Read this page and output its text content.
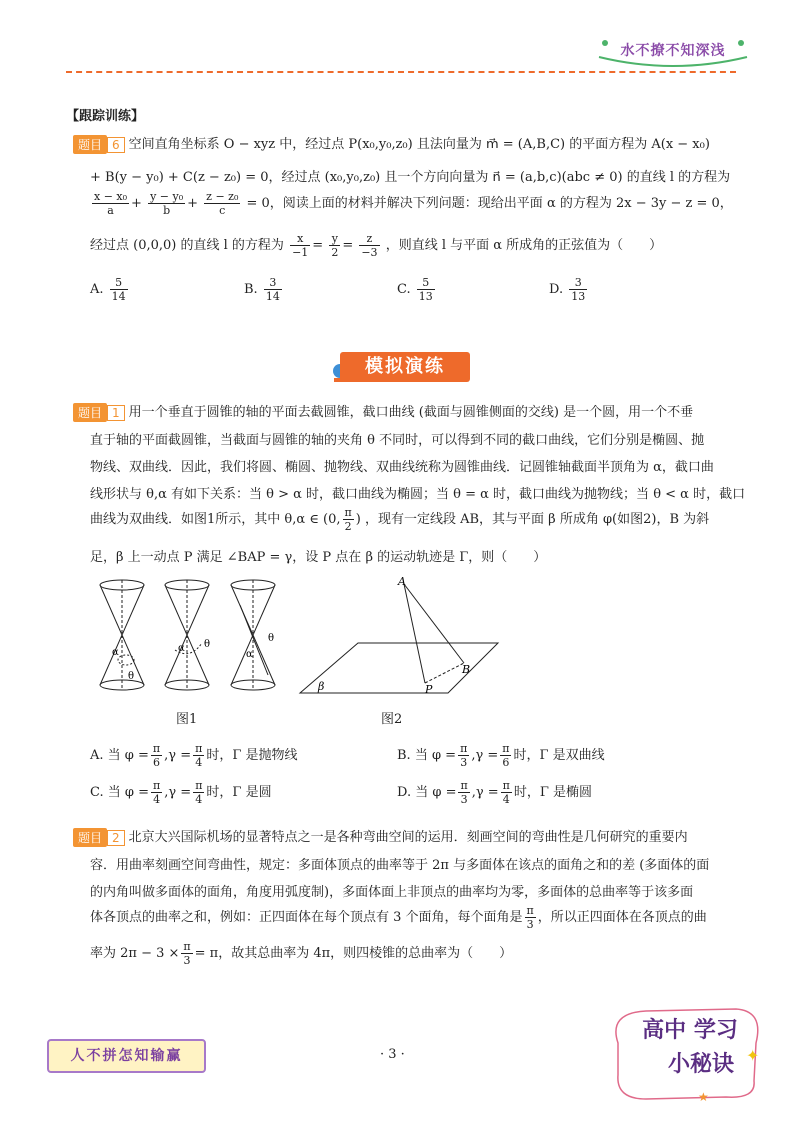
水不撩不知深浅
【跟踪训练】
题目 6 空间直角坐标系 O − xyz 中，经过点 P(x₀,y₀,z₀) 且法向量为 m⃗ = (A,B,C) 的平面方程为 A(x − x₀)
+ B(y − y₀) + C(z − z₀) = 0，经过点 (x₀,y₀,z₀) 且一个方向向量为 n⃗ = (a,b,c)(abc ≠ 0) 的直线 l 的方程为
$\frac{\text{x − x₀}}{a} + \frac{\text{y − y₀}}{b} + \frac{\text{z − z₀}}{c} = 0$，阅读上面的材料并解决下列问题：现给出平面 α 的方程为 2x − 3y − z = 0，
经过点 (0,0,0) 的直线 l 的方程为 $\frac{x}{-1} = \frac{y}{2} = \frac{z}{-3}$ ，则直线 l 与平面 α 所成角的正弦值为（　　）
A. $\frac{5}{14}$	B. $\frac{3}{14}$	C. $\frac{5}{13}$	D. $\frac{3}{13}$
模拟演练
题目 1 用一个垂直于圆锥的轴的平面去截圆锥，截口曲线 (截面与圆锥侧面的交线) 是一个圆，用一个不垂
直于轴的平面截圆锥，当截面与圆锥的轴的夹角 θ 不同时，可以得到不同的截口曲线，它们分别是椭圆、抛
物线、双曲线．因此，我们将圆、椭圆、抛物线、双曲线统称为圆锥曲线．记圆锥轴截面半顶角为 α，截口曲
线形状与 θ,α 有如下关系：当 θ > α 时，截口曲线为椭圆；当 θ = α 时，截口曲线为抛物线；当 θ < α 时，截口
曲线为双曲线．如图1所示，其中 θ,α ∈ (0, $\frac{\pi}{2}$ ) ，现有一定线段 AB，其与平面 β 所成角 φ(如图2)，B 为斜
足，β 上一动点 P 满足 ∠BAP = γ，设 P 点在 β 的运动轨迹是 Γ，则（　　）
α
θ
α θ
α
θ
图1
A
B
P
β
图2
A. 当 $\varphi = \frac{\pi}{6} ,\gamma = \frac{\pi}{4}$ 时，Γ 是抛物线	B. 当 $\varphi = \frac{\pi}{3} ,\gamma = \frac{\pi}{6}$ 时，Γ 是双曲线
C. 当 $\varphi = \frac{\pi}{4} ,\gamma = \frac{\pi}{4}$ 时，Γ 是圆	D. 当 $\varphi = \frac{\pi}{3} ,\gamma = \frac{\pi}{4}$ 时，Γ 是椭圆
题目 2 北京大兴国际机场的显著特点之一是各种弯曲空间的运用．刻画空间的弯曲性是几何研究的重要内
容．用曲率刻画空间弯曲性，规定：多面体顶点的曲率等于 2π 与多面体在该点的面角之和的差 (多面体的面
的内角叫做多面体的面角，角度用弧度制)，多面体面上非顶点的曲率均为零，多面体的总曲率等于该多面
体各顶点的曲率之和，例如：正四面体在每个顶点有 3 个面角，每个面角是 $\frac{\pi}{3}$ ，所以正四面体在各顶点的曲
率为 $2\pi - 3 \times \frac{\pi}{3} = \pi$，故其总曲率为 4π，则四棱锥的总曲率为（　　）
人不拼怎知输赢	· 3 ·	✦
★
高中 学习
小秘诀
